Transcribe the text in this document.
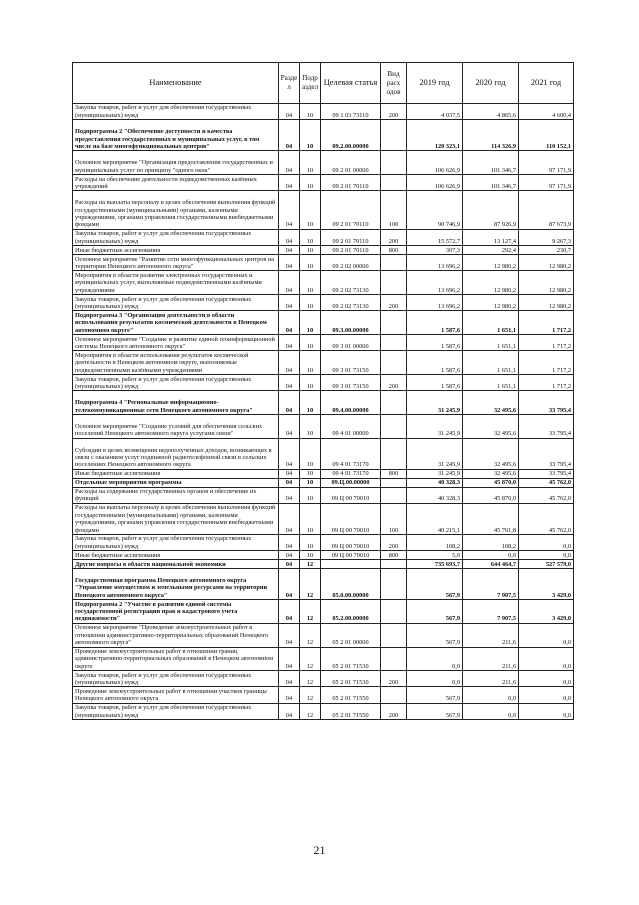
Наименование	Разде л	Подр аздел	Целевая статья	Вид расх одов	2019 год	2020 год	2021 год
Закупка товаров, работ и услуг для обеспечения государственных (муниципальных) нужд	04	10	09 1 03 73110	200	4 037,5	4 865,6	4 600,4
Подпрограмма 2 "Обеспечение доступности и качества предоставления государственных и муниципальных услуг, в том числе на базе многофункциональных центров"	04	10	09.2.00.00000		120 323,1	114 326,9	110 152,1
Основное мероприятие "Организация предоставления государственных и муниципальных услуг по принципу "одного окна"	04	10	09 2 01 00000		106 626,9	101 346,7	97 171,9
Расходы на обеспечение деятельности подведомственных казённых учреждений	04	10	09 2 01 70110		106 626,9	101 346,7	97 171,9
Расходы на выплаты персоналу в целях обеспечения выполнения функций государственными (муниципальными) органами, казенными учреждениями, органами управления государственными внебюджетными фондами	04	10	09 2 01 70110	100	90 746,9	87 926,9	87 673,9
Закупка товаров, работ и услуг для обеспечения государственных (муниципальных) нужд	04	10	09 2 01 70110	200	15 572,7	13 127,4	9 267,3
Иные бюджетные ассигнования	04	10	09 2 01 70110	800	307,3	292,4	230,7
Основное мероприятие "Развитие сети многофункциональных центров на территории Ненецкого автономного округа"	04	10	09 2 02 00000		13 696,2	12 980,2	12 980,2
Мероприятия в области развития электронных государственных и муниципальных услуг, выполняемые подведомственными казёнными учреждениями	04	10	09 2 02 73130		13 696,2	12 980,2	12 980,2
Закупка товаров, работ и услуг для обеспечения государственных (муниципальных) нужд	04	10	09 2 02 73130	200	13 696,2	12 980,2	12 980,2
Подпрограмма 3 "Организация деятельности в области использования результатов космической деятельности в Ненецком автономном округе"	04	10	09.3.00.00000		1 587,6	1 651,1	1 717,2
Основное мероприятие "Создание и развитие единой геоинформационной системы Ненецкого автономного округа"	04	10	09 3 01 00000		1 587,6	1 651,1	1 717,2
Мероприятия в области использования результатов космической деятельности в Ненецком автономном округе, выполняемые подведомственными казёнными учреждениями	04	10	09 3 01 73150		1 587,6	1 651,1	1 717,2
Закупка товаров, работ и услуг для обеспечения государственных (муниципальных) нужд	04	10	09 3 01 73150	200	1 587,6	1 651,1	1 717,2
Подпрограмма 4 "Региональные информационно-телекоммуникационные сети Ненецкого автономного округа"	04	10	09.4.00.00000		31 245,9	32 495,6	33 795,4
Основное мероприятие "Создание условий для обеспечения сельских поселений Ненецкого автономного округа услугами связи"	04	10	09 4 01 00000		31 245,9	32 495,6	33 795,4
Субсидии в целях возмещения недополученных доходов, возникающих в связи с оказанием услуг подвижной радиотелефонной связи в сельских поселениях Ненецкого автономного округа	04	10	09 4 01 73170		31 245,9	32 495,6	33 795,4
Иные бюджетные ассигнования	04	10	09 4 01 73170	800	31 245,9	32 495,6	33 795,4
Отдельные мероприятия программы	04	10	09.Ц.00.00000		40 328,3	45 870,0	45 762,0
Расходы на содержание государственных органов и обеспечение их функций	04	10	09 Ц 00 70010		40 328,3	45 870,0	45 762,0
Расходы на выплаты персоналу в целях обеспечения выполнения функций государственными (муниципальными) органами, казенными учреждениями, органами управления государственными внебюджетными фондами	04	10	09 Ц 00 70010	100	40 215,1	45 761,8	45 762,0
Закупка товаров, работ и услуг для обеспечения государственных (муниципальных) нужд	04	10	09 Ц 00 70010	200	108,2	108,2	0,0
Иные бюджетные ассигнования	04	10	09 Ц 00 70010	800	5,0	0,0	0,0
Другие вопросы в области национальной экономики	04	12			735 693,7	644 464,7	527 579,0
Государственная программа Ненецкого автономного округа "Управление имуществом и земельными ресурсами на территории Ненецкого автономного округа"	04	12	05.0.00.00000		567,9	7 907,5	3 429,0
Подпрограмма 2 "Участие в развитии единой системы государственной регистрации прав и кадастрового учета недвижимости"	04	12	05.2.00.00000		567,9	7 907,5	3 429,0
Основное мероприятие "Проведение землеустроительных работ в отношении административно-территориальных образований Ненецкого автономного округа"	04	12	05 2 01 00000		567,9	211,6	0,0
Проведение землеустроительных работ в отношении границ административно-территориальных образований в Ненецком автономном округе	04	12	05 2 01 71530		0,0	211,6	0,0
Закупка товаров, работ и услуг для обеспечения государственных (муниципальных) нужд	04	12	05 2 01 71530	200	0,0	211,6	0,0
Проведение землеустроительных работ в отношении участков границы Ненецкого автономного округа	04	12	05 2 01 71550		567,9	0,0	0,0
Закупка товаров, работ и услуг для обеспечения государственных (муниципальных) нужд	04	12	05 2 01 71550	200	567,9	0,0	0,0
21
